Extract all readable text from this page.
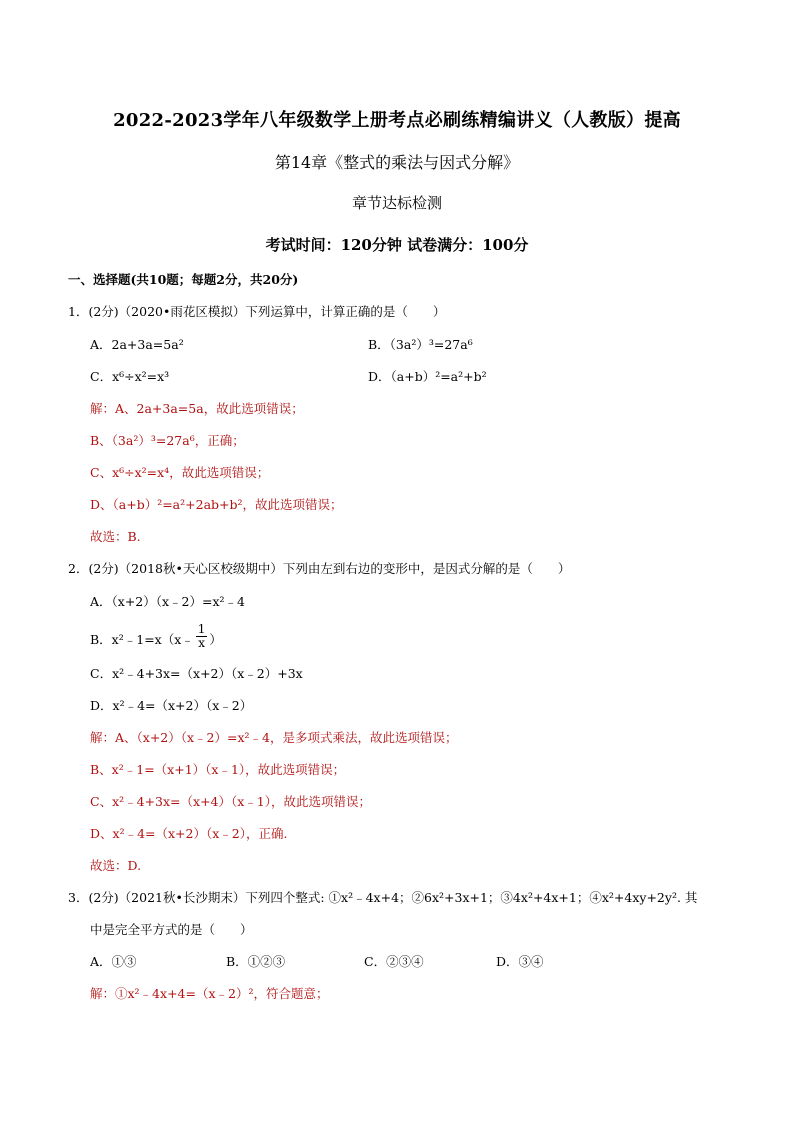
2022-2023学年八年级数学上册考点必刷练精编讲义（人教版）提高
第14章《整式的乘法与因式分解》
章节达标检测
考试时间：120分钟 试卷满分：100分
一、选择题(共10题；每题2分，共20分)
1．(2分)（2020•雨花区模拟）下列运算中，计算正确的是（　　）
A．2a+3a=5a²	B．（3a²）³=27a⁶
C．x⁶÷x²=x³	D．（a+b）²=a²+b²
解：A、2a+3a=5a，故此选项错误；
B、（3a²）³=27a⁶，正确；
C、x⁶÷x²=x⁴，故此选项错误；
D、（a+b）²=a²+2ab+b²，故此选项错误；
故选：B.
2．(2分)（2018秋•天心区校级期中）下列由左到右边的变形中，是因式分解的是（　　）
A．（x+2）（x﹣2）=x²﹣4
B．x²﹣1=x（x﹣ $\frac{1}{x}$ ）
C．x²﹣4+3x=（x+2）（x﹣2）+3x
D．x²﹣4=（x+2）（x﹣2）
解：A、（x+2）（x﹣2）=x²﹣4，是多项式乘法，故此选项错误；
B、x²﹣1=（x+1）（x﹣1），故此选项错误；
C、x²﹣4+3x=（x+4）（x﹣1），故此选项错误；
D、x²﹣4=（x+2）（x﹣2），正确.
故选：D.
3．(2分)（2021秋•长沙期末）下列四个整式: ①x²﹣4x+4；②6x²+3x+1；③4x²+4x+1；④x²+4xy+2y². 其
中是完全平方式的是（　　）
A．①③	B．①②③	C．②③④	D．③④
解：①x²﹣4x+4=（x﹣2）²，符合题意；
